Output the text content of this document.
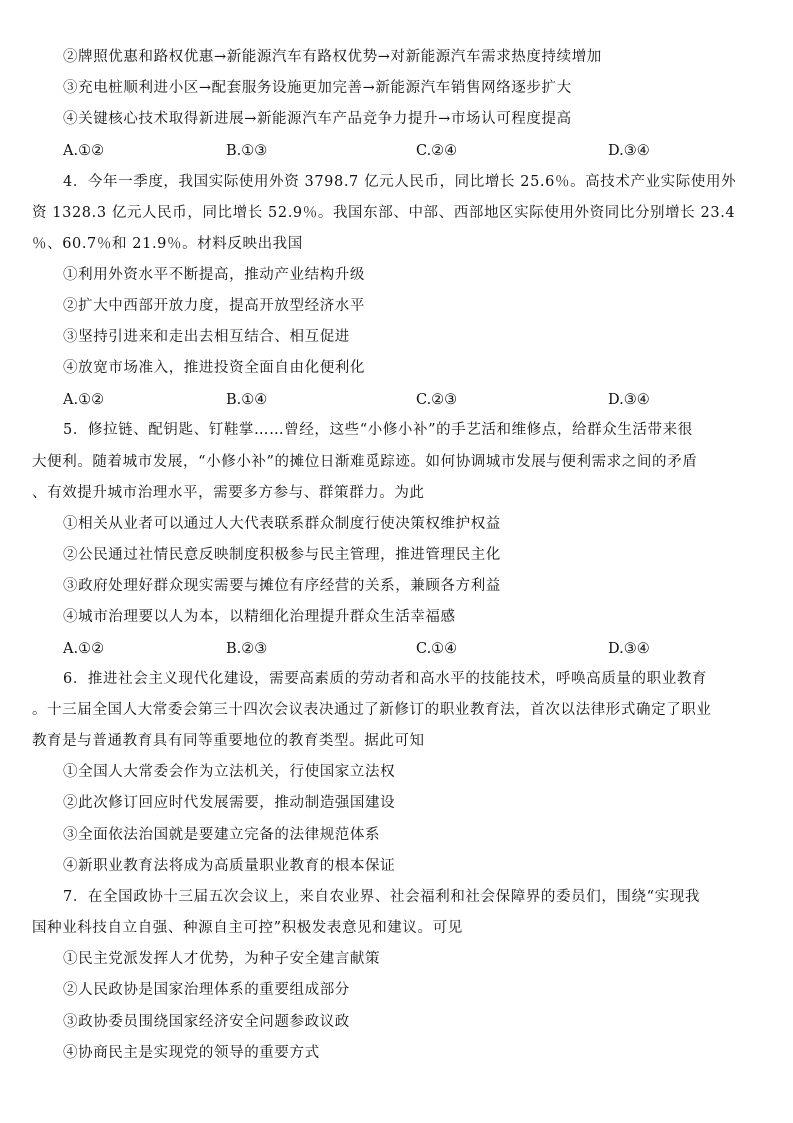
②牌照优惠和路权优惠→新能源汽车有路权优势→对新能源汽车需求热度持续增加
③充电桩顺利进小区→配套服务设施更加完善→新能源汽车销售网络逐步扩大
④关键核心技术取得新进展→新能源汽车产品竞争力提升→市场认可程度提高
A.①②	B.①③	C.②④	D.③④
4．今年一季度，我国实际使用外资 3798.7 亿元人民币，同比增长 25.6％。高技术产业实际使用外
资 1328.3 亿元人民币，同比增长 52.9％。我国东部、中部、西部地区实际使用外资同比分别增长 23.4
％、60.7％和 21.9％。材料反映出我国
①利用外资水平不断提高，推动产业结构升级
②扩大中西部开放力度，提高开放型经济水平
③坚持引进来和走出去相互结合、相互促进
④放宽市场准入，推进投资全面自由化便利化
A.①②	B.①④	C.②③	D.③④
5．修拉链、配钥匙、钉鞋掌……曾经，这些“小修小补”的手艺活和维修点，给群众生活带来很
大便利。随着城市发展，“小修小补”的摊位日渐难觅踪迹。如何协调城市发展与便利需求之间的矛盾
、有效提升城市治理水平，需要多方参与、群策群力。为此
①相关从业者可以通过人大代表联系群众制度行使决策权维护权益
②公民通过社情民意反映制度积极参与民主管理，推进管理民主化
③政府处理好群众现实需要与摊位有序经营的关系，兼顾各方利益
④城市治理要以人为本，以精细化治理提升群众生活幸福感
A.①②	B.②③	C.①④	D.③④
6．推进社会主义现代化建设，需要高素质的劳动者和高水平的技能技术，呼唤高质量的职业教育
。十三届全国人大常委会第三十四次会议表决通过了新修订的职业教育法，首次以法律形式确定了职业
教育是与普通教育具有同等重要地位的教育类型。据此可知
①全国人大常委会作为立法机关，行使国家立法权
②此次修订回应时代发展需要，推动制造强国建设
③全面依法治国就是要建立完备的法律规范体系
④新职业教育法将成为高质量职业教育的根本保证
7．在全国政协十三届五次会议上，来自农业界、社会福利和社会保障界的委员们，围绕“实现我
国种业科技自立自强、种源自主可控”积极发表意见和建议。可见
①民主党派发挥人才优势，为种子安全建言献策
②人民政协是国家治理体系的重要组成部分
③政协委员围绕国家经济安全问题参政议政
④协商民主是实现党的领导的重要方式
